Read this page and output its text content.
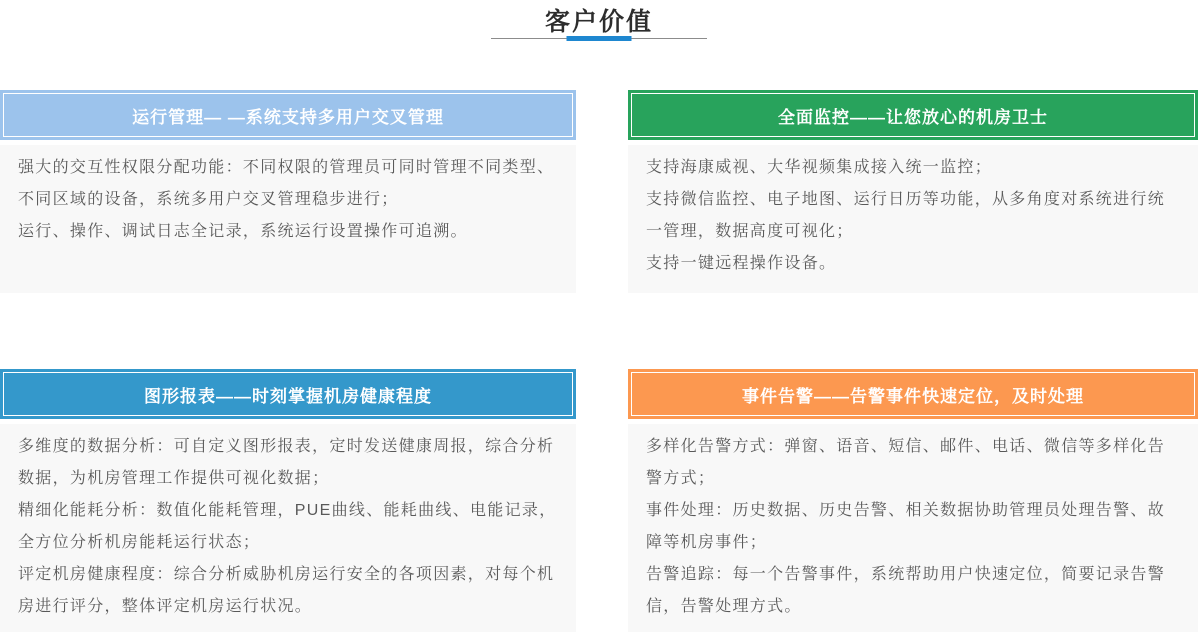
客户价值
运行管理— —系统支持多用户交叉管理

强大的交互性权限分配功能：不同权限的管理员可同时管理不同类型、不同区域的设备，系统多用户交叉管理稳步进行；

运行、操作、调试日志全记录，系统运行设置操作可追溯。

全面监控——让您放心的机房卫士

支持海康威视、大华视频集成接入统一监控；

支持微信监控、电子地图、运行日历等功能，从多角度对系统进行统一管理，数据高度可视化；

支持一键远程操作设备。

图形报表——时刻掌握机房健康程度

多维度的数据分析：可自定义图形报表，定时发送健康周报，综合分析数据，为机房管理工作提供可视化数据；

精细化能耗分析：数值化能耗管理，PUE曲线、能耗曲线、电能记录，全方位分析机房能耗运行状态；

评定机房健康程度：综合分析威胁机房运行安全的各项因素，对每个机房进行评分，整体评定机房运行状况。

事件告警——告警事件快速定位，及时处理

多样化告警方式：弹窗、语音、短信、邮件、电话、微信等多样化告警方式；

事件处理：历史数据、历史告警、相关数据协助管理员处理告警、故障等机房事件；

告警追踪：每一个告警事件，系统帮助用户快速定位，简要记录告警信，告警处理方式。
